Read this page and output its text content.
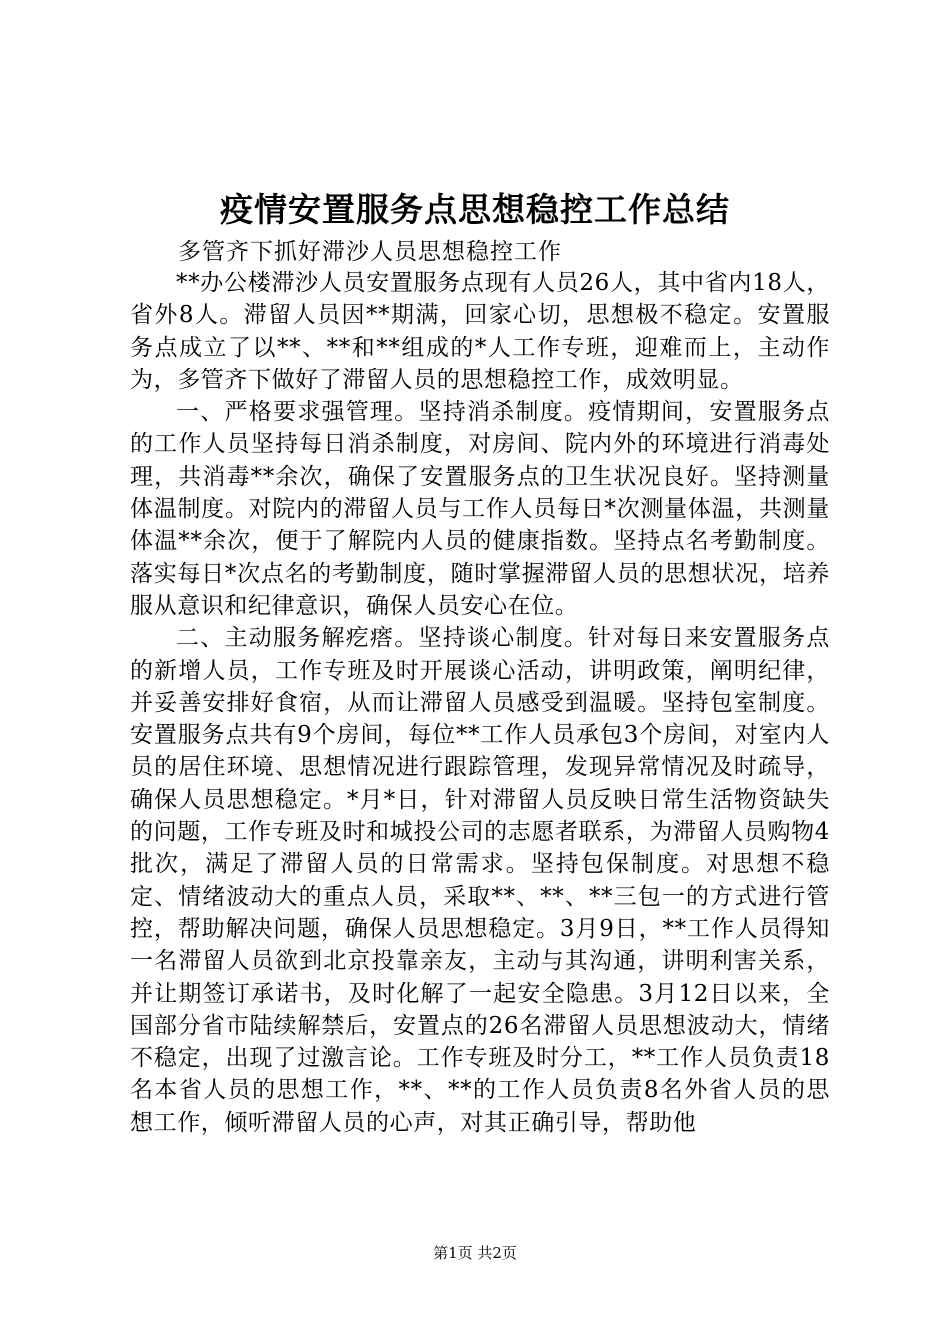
疫情安置服务点思想稳控工作总结
多管齐下抓好滞沙人员思想稳控工作

**办公楼滞沙人员安置服务点现有人员26人，其中省内18人，省外8人。滞留人员因**期满，回家心切，思想极不稳定。安置服务点成立了以**、**和**组成的*人工作专班，迎难而上，主动作为，多管齐下做好了滞留人员的思想稳控工作，成效明显。

一、严格要求强管理。坚持消杀制度。疫情期间，安置服务点的工作人员坚持每日消杀制度，对房间、院内外的环境进行消毒处理，共消毒**余次，确保了安置服务点的卫生状况良好。坚持测量体温制度。对院内的滞留人员与工作人员每日*次测量体温，共测量体温**余次，便于了解院内人员的健康指数。坚持点名考勤制度。落实每日*次点名的考勤制度，随时掌握滞留人员的思想状况，培养服从意识和纪律意识，确保人员安心在位。

二、主动服务解疙瘩。坚持谈心制度。针对每日来安置服务点的新增人员，工作专班及时开展谈心活动，讲明政策，阐明纪律，并妥善安排好食宿，从而让滞留人员感受到温暖。坚持包室制度。安置服务点共有9个房间，每位**工作人员承包3个房间，对室内人员的居住环境、思想情况进行跟踪管理，发现异常情况及时疏导，确保人员思想稳定。*月*日，针对滞留人员反映日常生活物资缺失的问题，工作专班及时和城投公司的志愿者联系，为滞留人员购物4批次，满足了滞留人员的日常需求。坚持包保制度。对思想不稳定、情绪波动大的重点人员，采取**、**、**三包一的方式进行管控，帮助解决问题，确保人员思想稳定。3月9日，**工作人员得知一名滞留人员欲到北京投靠亲友，主动与其沟通，讲明利害关系，并让期签订承诺书，及时化解了一起安全隐患。3月12日以来，全国部分省市陆续解禁后，安置点的26名滞留人员思想波动大，情绪不稳定，出现了过激言论。工作专班及时分工，**工作人员负责18名本省人员的思想工作，**、**的工作人员负责8名外省人员的思想工作，倾听滞留人员的心声，对其正确引导，帮助他

第1页 共2页
